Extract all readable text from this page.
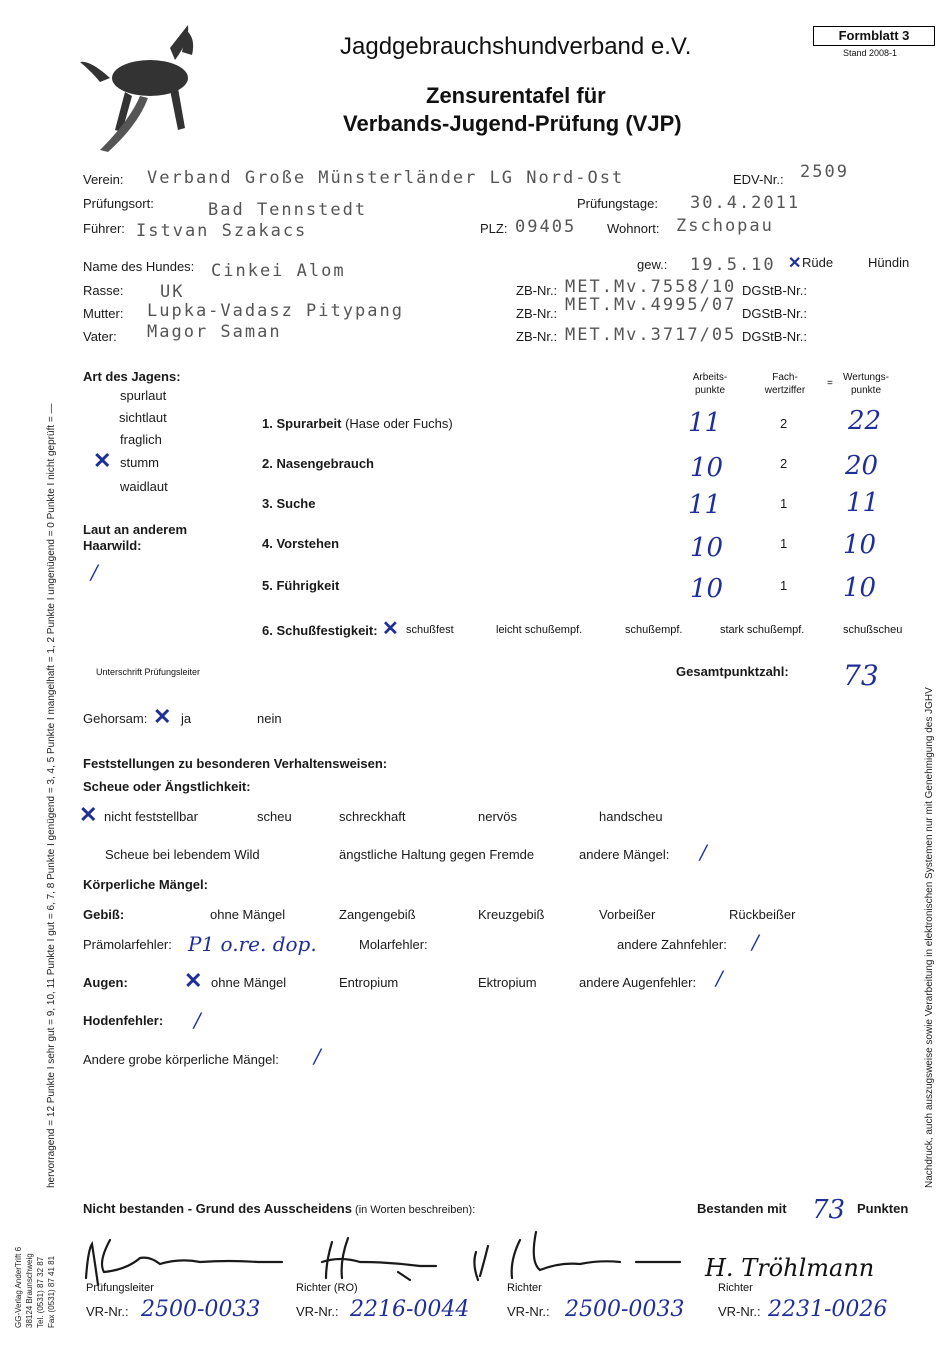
Jagdgebrauchshundverband e.V.
Zensurentafel für
Verbands-Jugend-Prüfung (VJP)
Formblatt 3
Stand 2008-1
Verein: Verband Große Münsterländer LG Nord-Ost	EDV-Nr.: 2509
Prüfungsort:	Bad Tennstedt	Prüfungstage: 30.4.2011
Führer: Istvan Szakacs	PLZ: 09405 Wohnort: Zschopau
Name des Hundes: Cinkei Alom	gew.: 19.5.10 ✕ Rüde	Hündin
Rasse: UK	ZB-Nr.: MET.Mv.7558/10 DGStB-Nr.:
Mutter: Lupka-Vadasz Pitypang	ZB-Nr.: MET.Mv.4995/07 DGStB-Nr.:
Vater: Magor Saman	ZB-Nr.: MET.Mv.3717/05 DGStB-Nr.:
Art des Jagens:
spurlaut
sichtlaut
fraglich
✕ stumm
waidlaut
Laut an anderem Haarwild:
/
Arbeits-punkte
Fach-wertziffer
=
Wertungs-punkte
1. Spurarbeit (Hase oder Fuchs)	11	2 22
2. Nasengebrauch	10	2 20
3. Suche	11	1 11
4. Vorstehen	10	1 10
5. Führigkeit	10	1 10
6. Schußfestigkeit: ✕ schußfest	leicht schußempf.	schußempf.	stark schußempf.	schußscheu
Unterschrift Prüfungsleiter	Gesamtpunktzahl: 73
Gehorsam: ✕ ja	nein
Feststellungen zu besonderen Verhaltensweisen:
Scheue oder Ängstlichkeit:
✕ nicht feststellbar	scheu	schreckhaft	nervös	handscheu
Scheue bei lebendem Wild	ängstliche Haltung gegen Fremde	andere Mängel: /
Körperliche Mängel:
Gebiß:	ohne Mängel	Zangengebiß	Kreuzgebiß	Vorbeißer	Rückbeißer
Prämolarfehler: P1 o.re. dop.	Molarfehler:	andere Zahnfehler: /
Augen:	✕ ohne Mängel	Entropium	Ektropium	andere Augenfehler: /
Hodenfehler: /
Andere grobe körperliche Mängel: /
Nicht bestanden - Grund des Ausscheidens (in Worten beschreiben):	Bestanden mit 73 Punkten
H. Tröhlmann
Prüfungsleiter	Richter (RO)	Richter	Richter
VR-Nr.: 2500-0033	VR-Nr.: 2216-0044	VR-Nr.: 2500-0033	VR-Nr.: 2231-0026
hervorragend = 12 Punkte I sehr gut = 9, 10, 11 Punkte I gut = 6, 7, 8 Punkte I genügend = 3, 4, 5 Punkte I mangelhaft = 1, 2 Punkte I ungenügend = 0 Punkte I nicht geprüft = —	Nachdruck, auch auszugsweise sowie Verarbeitung in elektronischen Systemen nur mit Genehmigung des JGHV
GG-Verlag AnderTrift 6 38124 Braunschweig Tel. (0531) 87 32 87 Fax (0531) 87 41 81
